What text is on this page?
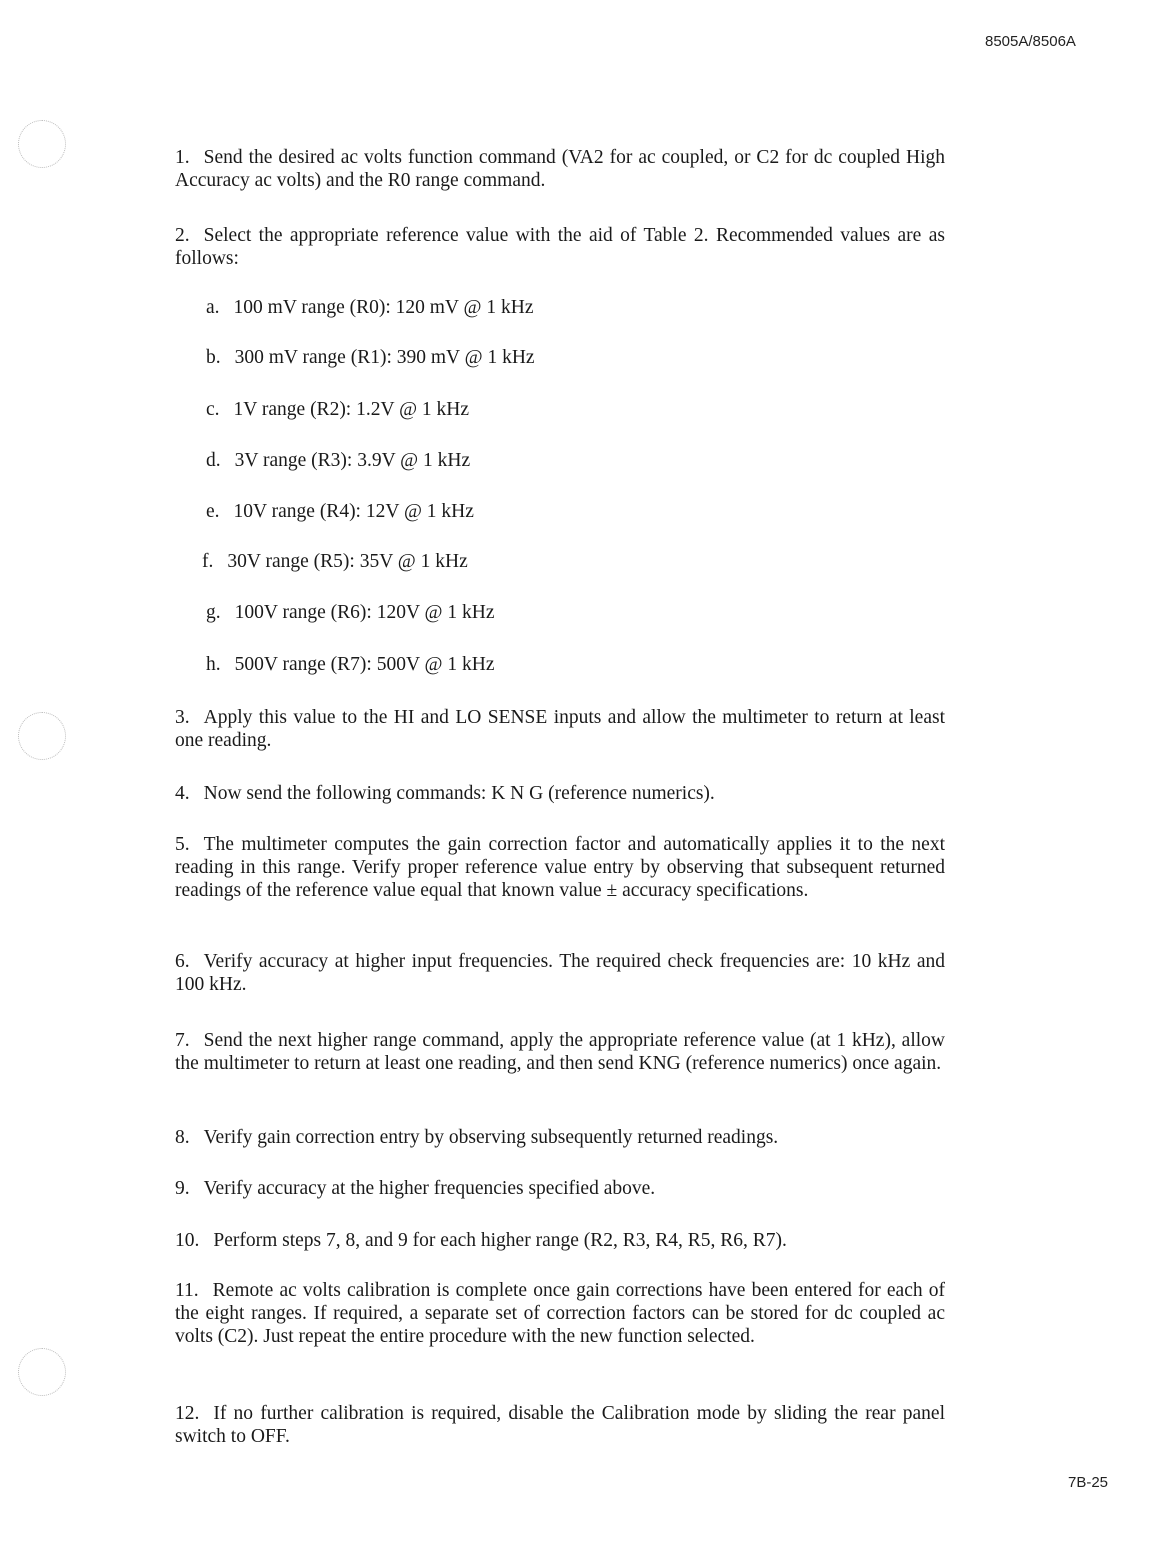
8505A/8506A
1. Send the desired ac volts function command (VA2 for ac coupled, or C2 for dc coupled High Accuracy ac volts) and the R0 range command.
2. Select the appropriate reference value with the aid of Table 2. Recommended values are as follows:
a. 100 mV range (R0): 120 mV @ 1 kHz
b. 300 mV range (R1): 390 mV @ 1 kHz
c. 1V range (R2): 1.2V @ 1 kHz
d. 3V range (R3): 3.9V @ 1 kHz
e. 10V range (R4): 12V @ 1 kHz
f. 30V range (R5): 35V @ 1 kHz
g. 100V range (R6): 120V @ 1 kHz
h. 500V range (R7): 500V @ 1 kHz
3. Apply this value to the HI and LO SENSE inputs and allow the multimeter to return at least one reading.
4. Now send the following commands: K N G (reference numerics).
5. The multimeter computes the gain correction factor and automatically applies it to the next reading in this range. Verify proper reference value entry by observing that subsequent returned readings of the reference value equal that known value ± accuracy specifications.
6. Verify accuracy at higher input frequencies. The required check frequencies are: 10 kHz and 100 kHz.
7. Send the next higher range command, apply the appropriate reference value (at 1 kHz), allow the multimeter to return at least one reading, and then send KNG (reference numerics) once again.
8. Verify gain correction entry by observing subsequently returned readings.
9. Verify accuracy at the higher frequencies specified above.
10. Perform steps 7, 8, and 9 for each higher range (R2, R3, R4, R5, R6, R7).
11. Remote ac volts calibration is complete once gain corrections have been entered for each of the eight ranges. If required, a separate set of correction factors can be stored for dc coupled ac volts (C2). Just repeat the entire procedure with the new function selected.
12. If no further calibration is required, disable the Calibration mode by sliding the rear panel switch to OFF.
7B-25
